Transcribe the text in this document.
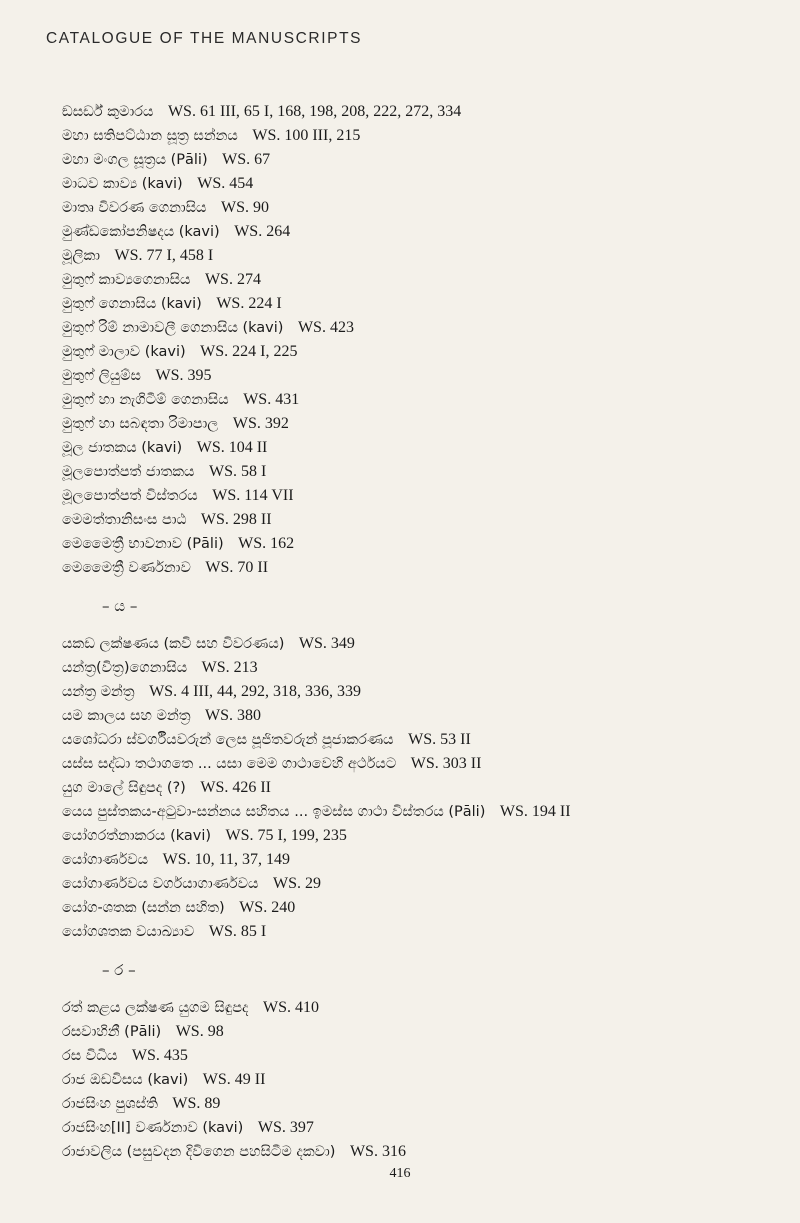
CATALOGUE OF THE MANUSCRIPTS
ඞසර්ඩ් කුමාරය  WS. 61 III, 65 I, 168, 198, 208, 222, 272, 334
මහා සතිපට්ඨාන සූත්‍ර සන්නය  WS. 100 III, 215
මහා මංගල සූත්‍රය (Pāli)  WS. 67
මාධව කාව්‍ය (kavi)  WS. 454
මාතෘ විවරණ ගෙනාසිය  WS. 90
මුණ්ඩකෝපනිෂදය (kavi)  WS. 264
මූලිකා  WS. 77 I, 458 I
මුතුෆ් කාව්‍යගෙනාසිය  WS. 274
මුතුෆ් ගෙනාසිය (kavi)  WS. 224 I
මුතුෆ් රිම් නාමාවලී ගෙනාසිය (kavi)  WS. 423
මුතුෆ් මාලාව (kavi)  WS. 224 I, 225
මුතුෆ් ලියුම්ස  WS. 395
මුතුෆ් හා නැගිටීම් ගෙනාසිය  WS. 431
මුතුෆ් හා සබඳතා රිමාපාල  WS. 392
මූල ජාතකය (kavi)  WS. 104 II
මූලපොත්පත් ජාතකය  WS. 58 I
මූලපොත්පත් විස්තරය  WS. 114 VII
මෙමත්තානිසංස පාඨ  WS. 298 II
මෙමෛත්‍රී භාවනාව (Pāli)  WS. 162
මෙමෛත්‍රී වර්ණනාව  WS. 70 II
– ය –
යකඩ ලක්ෂණය (කවි සහ විවරණය)  WS. 349
යන්ත්‍ර(විත්‍ර)ගෙනාසිය  WS. 213
යන්ත්‍ර මන්ත්‍ර  WS. 4 III, 44, 292, 318, 336, 339
යම කාලය සහ මන්ත්‍ර  WS. 380
යශෝධරා ස්වර්ගීයවරුන් ලෙස පූජිතවරුන් පූජාකරණය  WS. 53 II
යස්ස සද්ධා තථාගතෙ ... යසා මෙම ගාථාවෙහි අර්ථයට  WS. 303 II
යුග මාලේ සිඳුපද (?)  WS. 426 II
යෙය පුස්තකය-අටුවා-සන්නය සහිතය ... ඉමස්ස ගාථා විස්තරය (Pāli)  WS. 194 II
යෝගරත්නාකරය (kavi)  WS. 75 I, 199, 235
යෝගාර්ණවය  WS. 10, 11, 37, 149
යෝගාර්ණවය වර්ගයාගාර්ණවය  WS. 29
යෝග-ශතක (සන්න සහිත)  WS. 240
යෝගශතක වයාඛ්‍යාව  WS. 85 I
– ර –
රත් කළය ලක්ෂණ යුගම සිඳුපද  WS. 410
රසවාහිනී (Pāli)  WS. 98
රස විධිය  WS. 435
රාජ ඔඩවිසය (kavi)  WS. 49 II
රාජසිංහ පුශස්ති  WS. 89
රාජසිංහ[II] වර්ණනාව (kavi)  WS. 397
රාජාවලිය (පසුවදන දිවිගෙන පහසිටීම දකවා)  WS. 316
416
